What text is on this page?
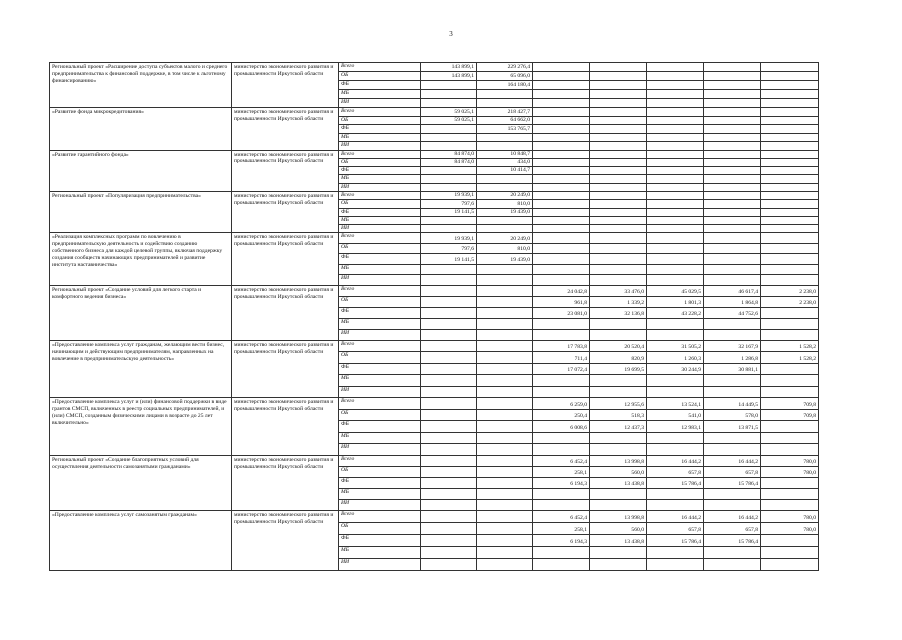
3
Региональный проект «Расширение доступа субъектов малого и среднего предпринимательства к финансовой поддержке, в том числе к льготному финансированию»	министерство экономического развития и промышленности Иркутской области	Всего	143 899,1	229 276,4					
		ОБ	143 899,1	65 096,0					
		ФБ		164 180,4					
		МБ							
		ИИ							
«Развитие фонда микрокредитования»	министерство экономического развития и промышленности Иркутской области	Всего	59 025,1	218 427,7					
		ОБ	59 025,1	64 662,0					
		ФБ		153 765,7					
		МБ							
		ИИ							
«Развитие гарантийного фонда»	министерство экономического развития и промышленности Иркутской области	Всего	84 874,0	10 848,7					
		ОБ	84 874,0	434,0					
		ФБ		10 414,7					
		МБ							
		ИИ							
Региональный проект «Популяризация предпринимательства»	министерство экономического развития и промышленности Иркутской области	Всего	19 939,1	20 249,0					
		ОБ	797,6	810,0					
		ФБ	19 141,5	19 439,0					
		МБ							
		ИИ							
«Реализация комплексных программ по вовлечению в предпринимательскую деятельность и содействию созданию собственного бизнеса для каждой целевой группы, включая поддержку создания сообществ начинающих предпринимателей и развитие института наставничества»	министерство экономического развития и промышленности Иркутской области	Всего	19 939,1	20 249,0					
		ОБ	797,6	810,0					
		ФБ	19 141,5	19 439,0					
		МБ							
		ИИ							
Региональный проект «Создание условий для легкого старта и комфортного ведения бизнеса»	министерство экономического развития и промышленности Иркутской области	Всего			24 042,8	33 476,0	45 029,5	46 617,4	2 238,0
		ОБ			961,8	1 339,2	1 801,3	1 864,8	2 238,0
		ФБ			23 081,0	32 136,8	43 228,2	44 752,6	
		МБ							
		ИИ							
«Предоставление комплекса услуг гражданам, желающим вести бизнес, начинающим и действующим предпринимателям, направленных на вовлечение в предпринимательскую деятельность»	министерство экономического развития и промышленности Иркутской области	Всего			17 783,8	20 520,4	31 505,2	32 167,9	1 528,2
		ОБ			711,4	820,9	1 260,3	1 286,8	1 528,2
		ФБ			17 072,4	19 699,5	30 244,9	30 881,1	
		МБ							
		ИИ							
«Предоставление комплекса услуг и (или) финансовой поддержки в виде грантов СМСП, включенных в реестр социальных предпринимателей, и (или) СМСП, созданным физическими лицами в возрасте до 25 лет включительно»	министерство экономического развития и промышленности Иркутской области	Всего			6 259,0	12 955,6	13 524,1	14 449,5	709,8
		ОБ			250,4	518,3	541,0	578,0	709,8
		ФБ			6 008,6	12 437,3	12 983,1	13 871,5	
		МБ							
		ИИ							
Региональный проект «Создание благоприятных условий для осуществления деятельности самозанятыми гражданами»	министерство экономического развития и промышленности Иркутской области	Всего			6 452,4	13 998,8	16 444,2	16 444,2	780,0
		ОБ			258,1	560,0	657,8	657,8	780,0
		ФБ			6 194,3	13 438,8	15 786,4	15 786,4	
		МБ							
		ИИ							
«Предоставление комплекса услуг самозанятым гражданам»	министерство экономического развития и промышленности Иркутской области	Всего			6 452,4	13 998,8	16 444,2	16 444,2	780,0
		ОБ			258,1	560,0	657,8	657,8	780,0
		ФБ			6 194,3	13 438,8	15 786,4	15 786,4	
		МБ							
		ИИ							
